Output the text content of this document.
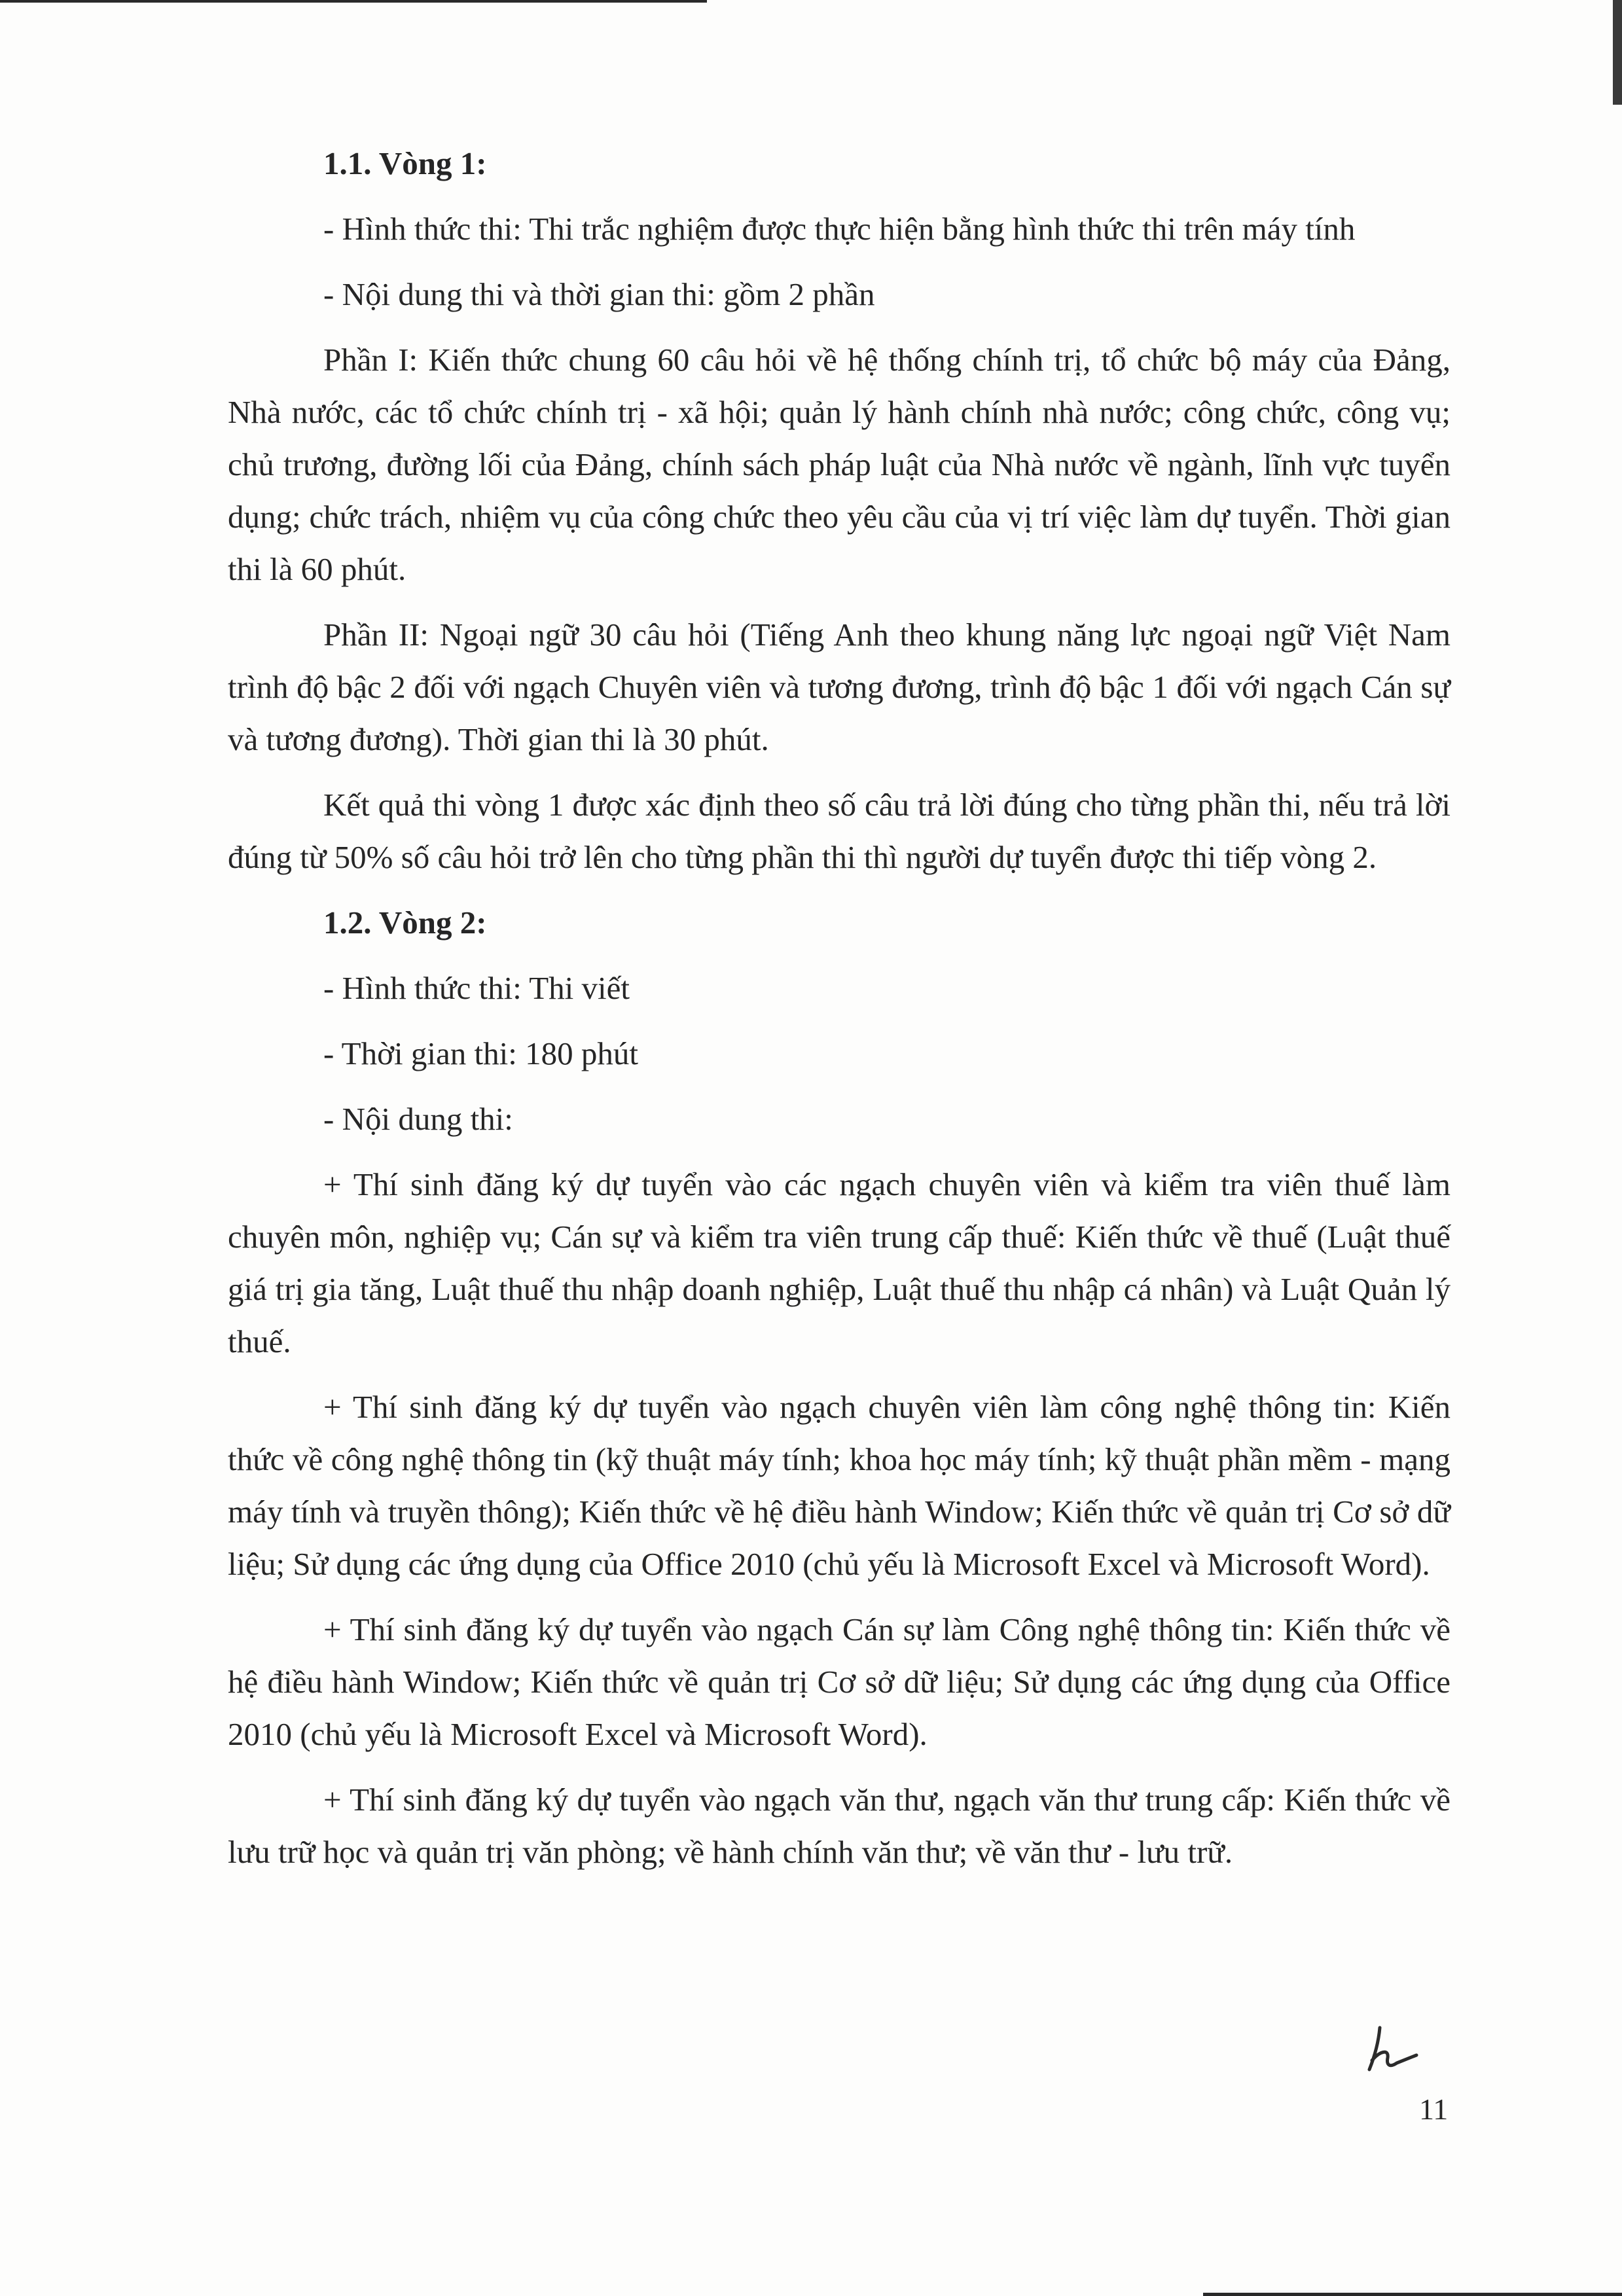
1.1. Vòng 1:

- Hình thức thi: Thi trắc nghiệm được thực hiện bằng hình thức thi trên máy tính

- Nội dung thi và thời gian thi: gồm 2 phần

Phần I: Kiến thức chung 60 câu hỏi về hệ thống chính trị, tổ chức bộ máy của Đảng, Nhà nước, các tổ chức chính trị - xã hội; quản lý hành chính nhà nước; công chức, công vụ; chủ trương, đường lối của Đảng, chính sách pháp luật của Nhà nước về ngành, lĩnh vực tuyển dụng; chức trách, nhiệm vụ của công chức theo yêu cầu của vị trí việc làm dự tuyển. Thời gian thi là 60 phút.

Phần II: Ngoại ngữ 30 câu hỏi (Tiếng Anh theo khung năng lực ngoại ngữ Việt Nam trình độ bậc 2 đối với ngạch Chuyên viên và tương đương, trình độ bậc 1 đối với ngạch Cán sự và tương đương). Thời gian thi là 30 phút.

Kết quả thi vòng 1 được xác định theo số câu trả lời đúng cho từng phần thi, nếu trả lời đúng từ 50% số câu hỏi trở lên cho từng phần thi thì người dự tuyển được thi tiếp vòng 2.

1.2. Vòng 2:

- Hình thức thi: Thi viết

- Thời gian thi: 180 phút

- Nội dung thi:

+ Thí sinh đăng ký dự tuyển vào các ngạch chuyên viên và kiểm tra viên thuế làm chuyên môn, nghiệp vụ; Cán sự và kiểm tra viên trung cấp thuế: Kiến thức về thuế (Luật thuế giá trị gia tăng, Luật thuế thu nhập doanh nghiệp, Luật thuế thu nhập cá nhân) và Luật Quản lý thuế.

+ Thí sinh đăng ký dự tuyển vào ngạch chuyên viên làm công nghệ thông tin: Kiến thức về công nghệ thông tin (kỹ thuật máy tính; khoa học máy tính; kỹ thuật phần mềm - mạng máy tính và truyền thông); Kiến thức về hệ điều hành Window; Kiến thức về quản trị Cơ sở dữ liệu; Sử dụng các ứng dụng của Office 2010 (chủ yếu là Microsoft Excel và Microsoft Word).

+ Thí sinh đăng ký dự tuyển vào ngạch Cán sự làm Công nghệ thông tin: Kiến thức về hệ điều hành Window; Kiến thức về quản trị Cơ sở dữ liệu; Sử dụng các ứng dụng của Office 2010 (chủ yếu là Microsoft Excel và Microsoft Word).

+ Thí sinh đăng ký dự tuyển vào ngạch văn thư, ngạch văn thư trung cấp: Kiến thức về lưu trữ học và quản trị văn phòng; về hành chính văn thư; về văn thư - lưu trữ.

11
